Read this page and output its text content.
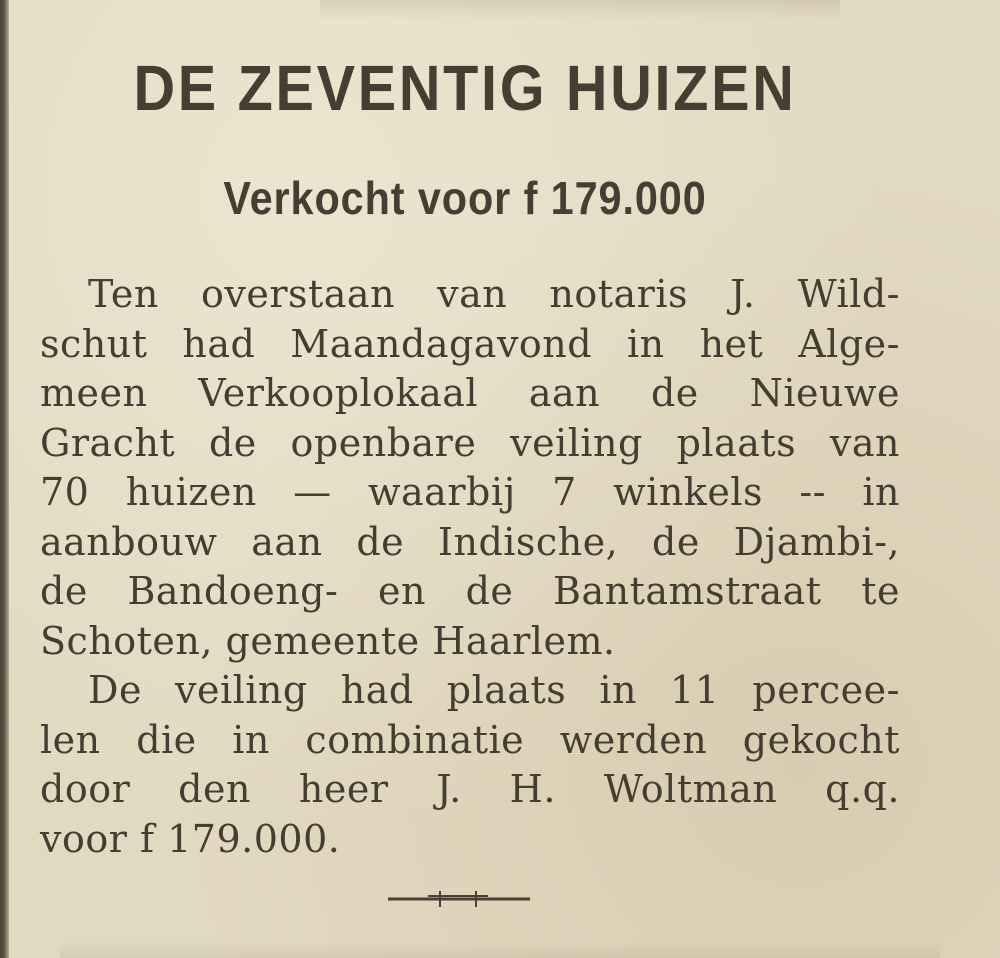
DE ZEVENTIG HUIZEN
Verkocht voor f 179.000
Ten overstaan van notaris J. Wild‑
schut had Maandagavond in het Alge‑
meen Verkooplokaal aan de Nieuwe
Gracht de openbare veiling plaats van
70 huizen — waarbij 7 winkels -- in
aanbouw aan de Indische, de Djambi‑,
de Bandoeng‑ en de Bantamstraat te
Schoten, gemeente Haarlem.
De veiling had plaats in 11 percee‑
len die in combinatie werden gekocht
door den heer J. H. Woltman q.q.
voor f 179.000.
